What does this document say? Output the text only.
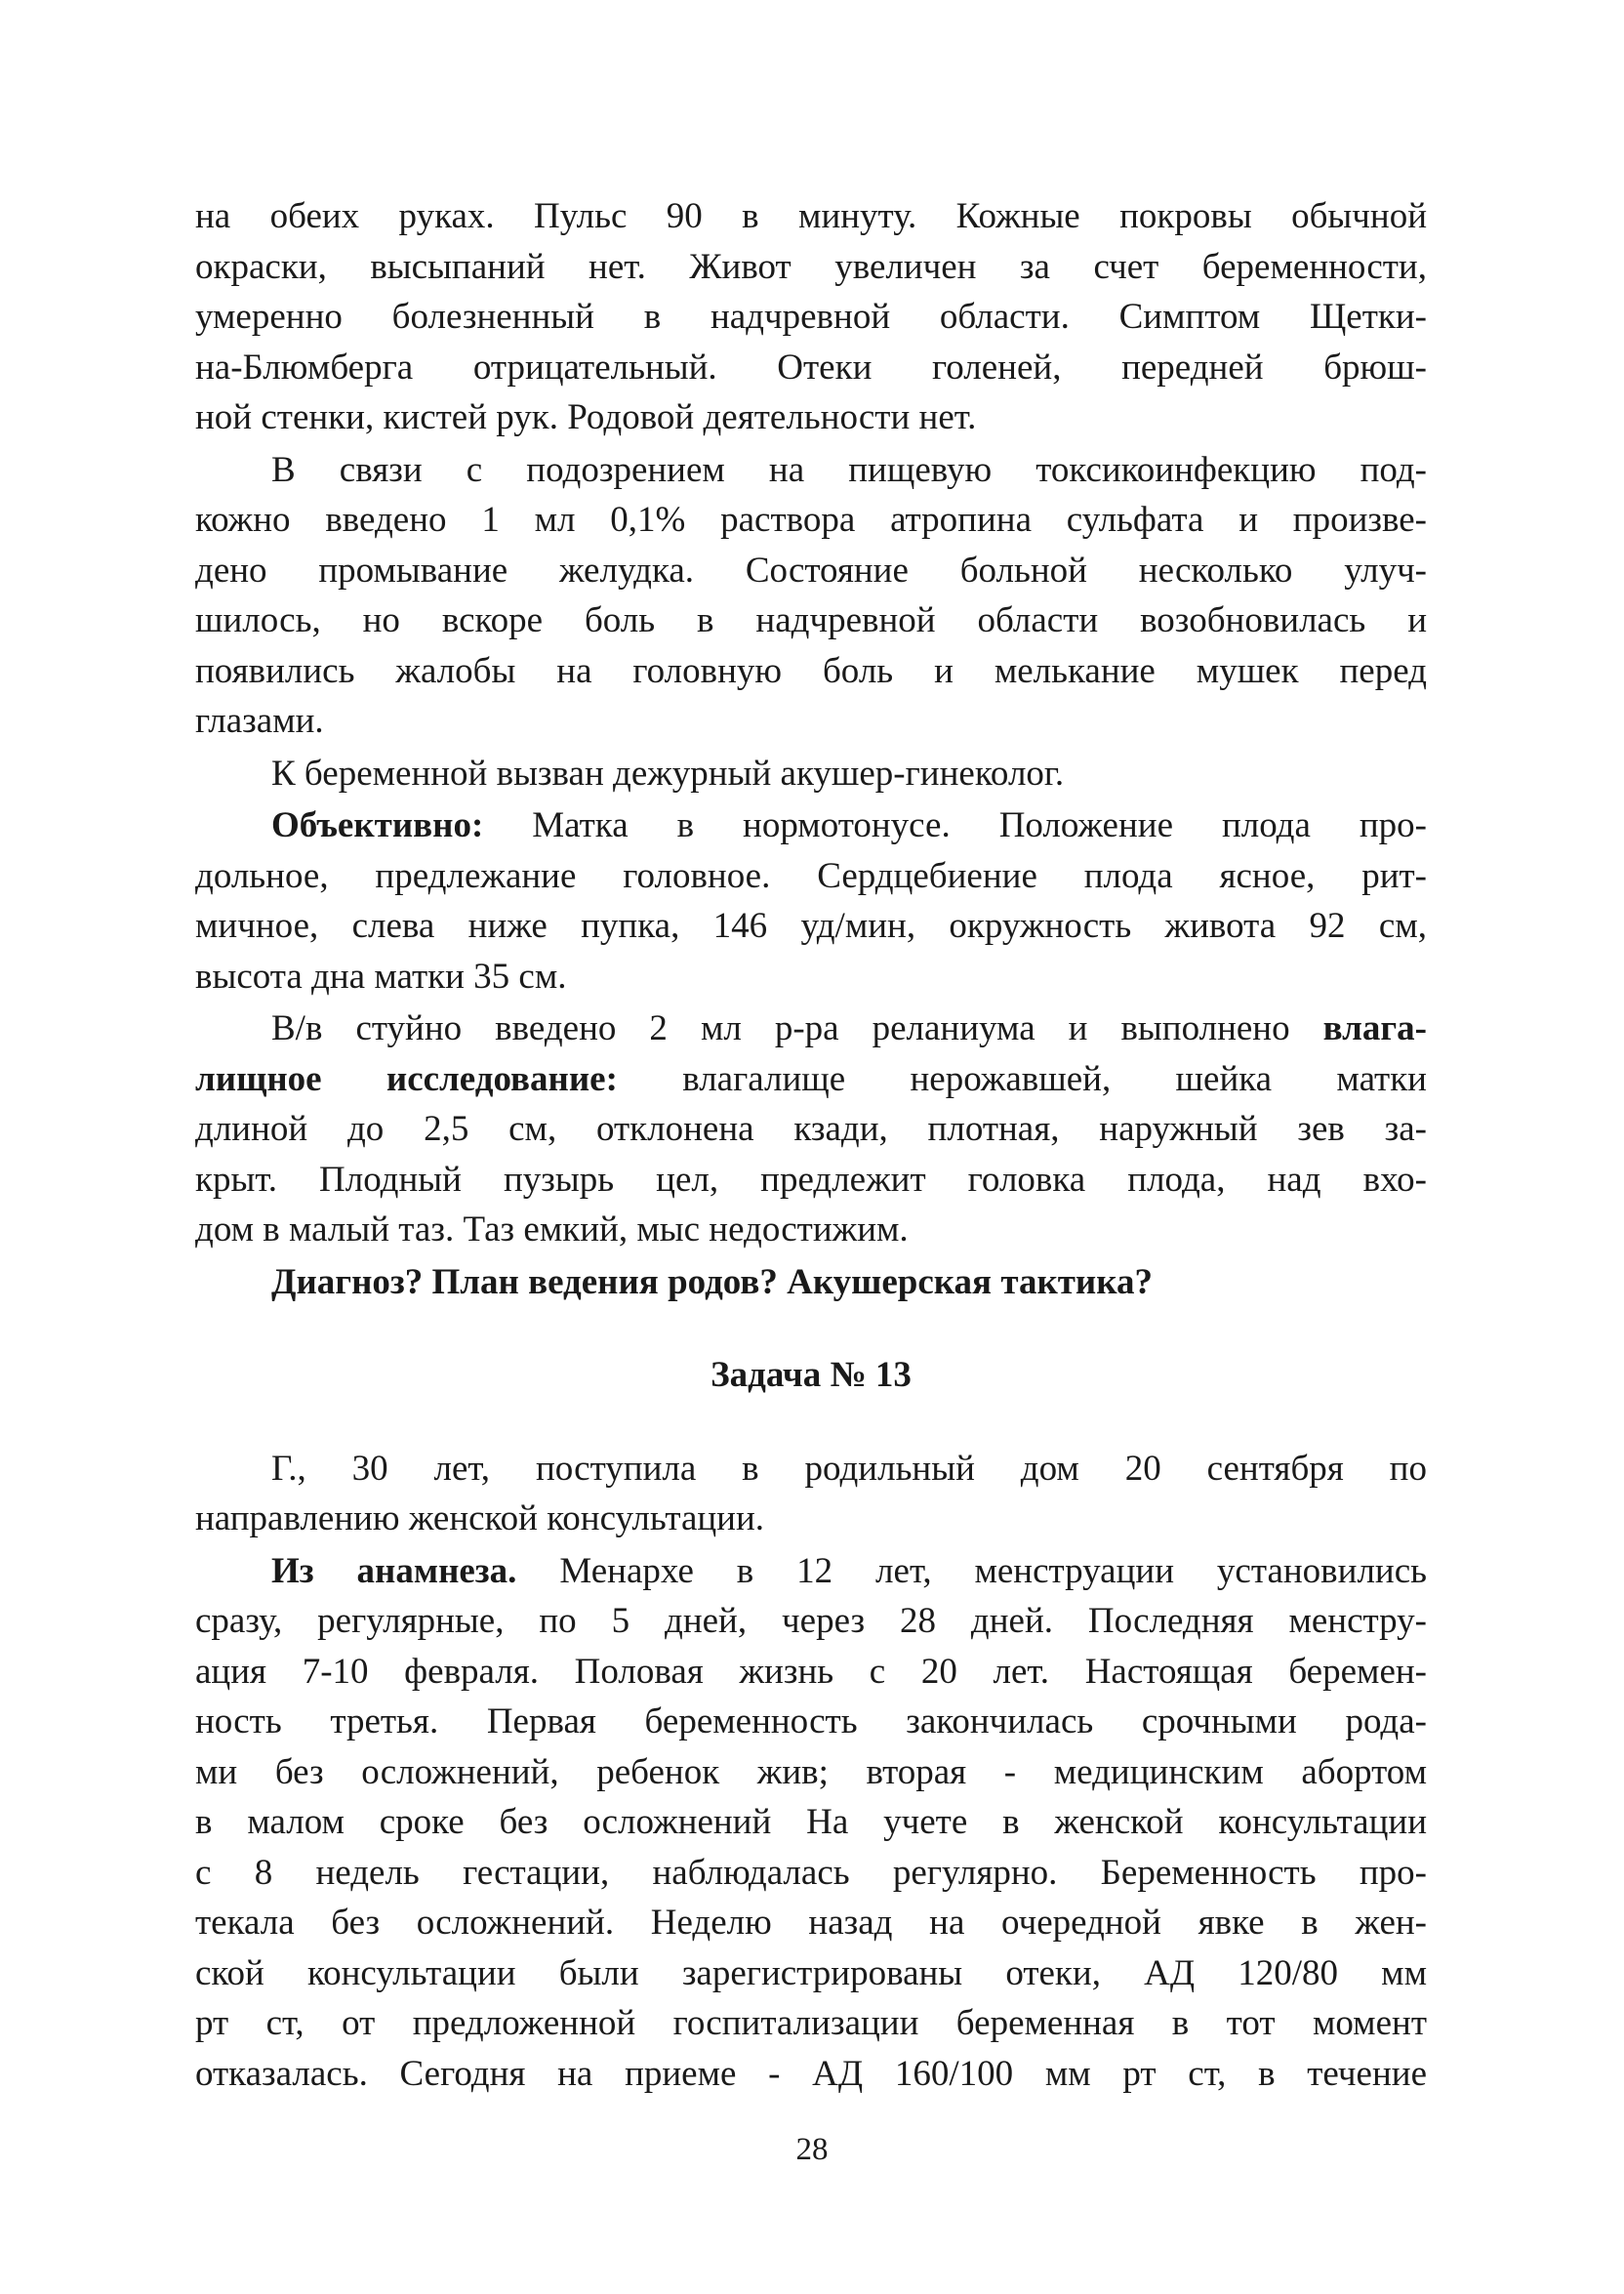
на обеих руках. Пульс 90 в минуту. Кожные покровы обычной
окраски, высыпаний нет. Живот увеличен за счет беременности,
умеренно болезненный в надчревной области. Симптом Щетки-
на-Блюмберга отрицательный. Отеки голеней, передней брюш-
ной стенки, кистей рук. Родовой деятельности нет.

В связи с подозрением на пищевую токсикоинфекцию под-
кожно введено 1 мл 0,1% раствора атропина сульфата и произве-
дено промывание желудка. Состояние больной несколько улуч-
шилось, но вскоре боль в надчревной области возобновилась и
появились жалобы на головную боль и мелькание мушек перед
глазами.

К беременной вызван дежурный акушер-гинеколог.

Объективно: Матка в нормотонусе. Положение плода про-
дольное, предлежание головное. Сердцебиение плода ясное, рит-
мичное, слева ниже пупка, 146 уд/мин, окружность живота 92 см,
высота дна матки 35 см.

В/в стуйно введено 2 мл р-ра реланиума и выполнено влага-
лищное исследование: влагалище нерожавшей, шейка матки
длиной до 2,5 см, отклонена кзади, плотная, наружный зев за-
крыт. Плодный пузырь цел, предлежит головка плода, над вхо-
дом в малый таз. Таз емкий, мыс недостижим.

Диагноз? План ведения родов? Акушерская тактика?

Задача № 13

Г., 30 лет, поступила в родильный дом 20 сентября по
направлению женской консультации.

Из анамнеза. Менархе в 12 лет, менструации установились
сразу, регулярные, по 5 дней, через 28 дней. Последняя менстру-
ация 7-10 февраля. Половая жизнь с 20 лет. Настоящая беремен-
ность третья. Первая беременность закончилась срочными рода-
ми без осложнений, ребенок жив; вторая - медицинским абортом
в малом сроке без осложнений На учете в женской консультации
с 8 недель гестации, наблюдалась регулярно. Беременность про-
текала без осложнений. Неделю назад на очередной явке в жен-
ской консультации были зарегистрированы отеки, АД 120/80 мм
рт ст, от предложенной госпитализации беременная в тот момент
отказалась. Сегодня на приеме - АД 160/100 мм рт ст, в течение

28
